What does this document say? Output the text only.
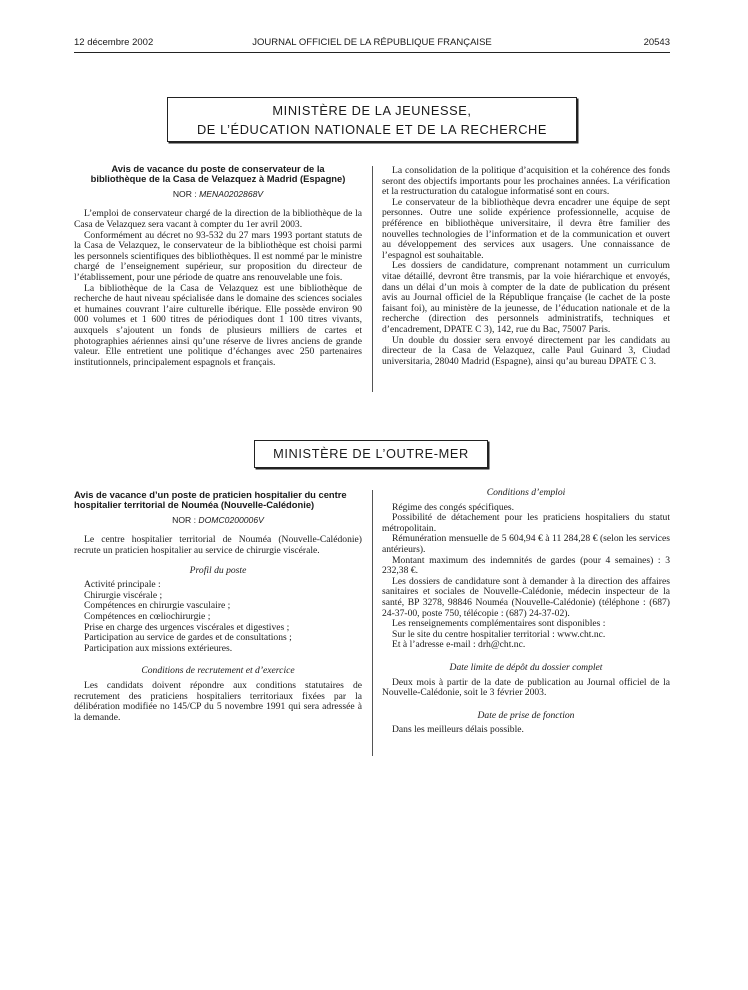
12 décembre 2002	JOURNAL OFFICIEL DE LA RÉPUBLIQUE FRANÇAISE	20543
MINISTÈRE DE LA JEUNESSE,
DE L’ÉDUCATION NATIONALE ET DE LA RECHERCHE

Avis de vacance du poste de conservateur de la bibliothèque de la Casa de Velazquez à Madrid (Espagne)

NOR : MENA0202868V

L’emploi de conservateur chargé de la direction de la bibliothèque de la Casa de Velazquez sera vacant à compter du 1er avril 2003.

Conformément au décret no 93-532 du 27 mars 1993 portant statuts de la Casa de Velazquez, le conservateur de la bibliothèque est choisi parmi les personnels scientifiques des bibliothèques. Il est nommé par le ministre chargé de l’enseignement supérieur, sur proposition du directeur de l’établissement, pour une période de quatre ans renouvelable une fois.

La bibliothèque de la Casa de Velazquez est une bibliothèque de recherche de haut niveau spécialisée dans le domaine des sciences sociales et humaines couvrant l’aire culturelle ibérique. Elle possède environ 90 000 volumes et 1 600 titres de périodiques dont 1 100 titres vivants, auxquels s’ajoutent un fonds de plusieurs milliers de cartes et photographies aériennes ainsi qu’une réserve de livres anciens de grande valeur. Elle entretient une politique d’échanges avec 250 partenaires institutionnels, principalement espagnols et français.

La consolidation de la politique d’acquisition et la cohérence des fonds seront des objectifs importants pour les prochaines années. La vérification et la restructuration du catalogue informatisé sont en cours.

Le conservateur de la bibliothèque devra encadrer une équipe de sept personnes. Outre une solide expérience professionnelle, acquise de préférence en bibliothèque universitaire, il devra être familier des nouvelles technologies de l’information et de la communication et ouvert au développement des services aux usagers. Une connaissance de l’espagnol est souhaitable.

Les dossiers de candidature, comprenant notamment un curriculum vitae détaillé, devront être transmis, par la voie hiérarchique et envoyés, dans un délai d’un mois à compter de la date de publication du présent avis au Journal officiel de la République française (le cachet de la poste faisant foi), au ministère de la jeunesse, de l’éducation nationale et de la recherche (direction des personnels administratifs, techniques et d’encadrement, DPATE C 3), 142, rue du Bac, 75007 Paris.

Un double du dossier sera envoyé directement par les candidats au directeur de la Casa de Velazquez, calle Paul Guinard 3, Ciudad universitaria, 28040 Madrid (Espagne), ainsi qu’au bureau DPATE C 3.

MINISTÈRE DE L’OUTRE-MER

Avis de vacance d’un poste de praticien hospitalier du centre hospitalier territorial de Nouméa (Nouvelle-Calédonie)

NOR : DOMC0200006V

Le centre hospitalier territorial de Nouméa (Nouvelle-Calédonie) recrute un praticien hospitalier au service de chirurgie viscérale.

Profil du poste
Activité principale :
Chirurgie viscérale ;
Compétences en chirurgie vasculaire ;
Compétences en cœliochirurgie ;
Prise en charge des urgences viscérales et digestives ;
Participation au service de gardes et de consultations ;
Participation aux missions extérieures.
Conditions de recrutement et d’exercice

Les candidats doivent répondre aux conditions statutaires de recrutement des praticiens hospitaliers territoriaux fixées par la délibération modifiée no 145/CP du 5 novembre 1991 qui sera adressée à la demande.

Conditions d’emploi

Régime des congés spécifiques.

Possibilité de détachement pour les praticiens hospitaliers du statut métropolitain.

Rémunération mensuelle de 5 604,94 € à 11 284,28 € (selon les services antérieurs).

Montant maximum des indemnités de gardes (pour 4 semaines) : 3 232,38 €.

Les dossiers de candidature sont à demander à la direction des affaires sanitaires et sociales de Nouvelle-Calédonie, médecin inspecteur de la santé, BP 3278, 98846 Nouméa (Nouvelle-Calédonie) (téléphone : (687) 24-37-00, poste 750, télécopie : (687) 24-37-02).

Les renseignements complémentaires sont disponibles :

Sur le site du centre hospitalier territorial : www.cht.nc.

Et à l’adresse e-mail : drh@cht.nc.

Date limite de dépôt du dossier complet

Deux mois à partir de la date de publication au Journal officiel de la Nouvelle-Calédonie, soit le 3 février 2003.

Date de prise de fonction

Dans les meilleurs délais possible.
